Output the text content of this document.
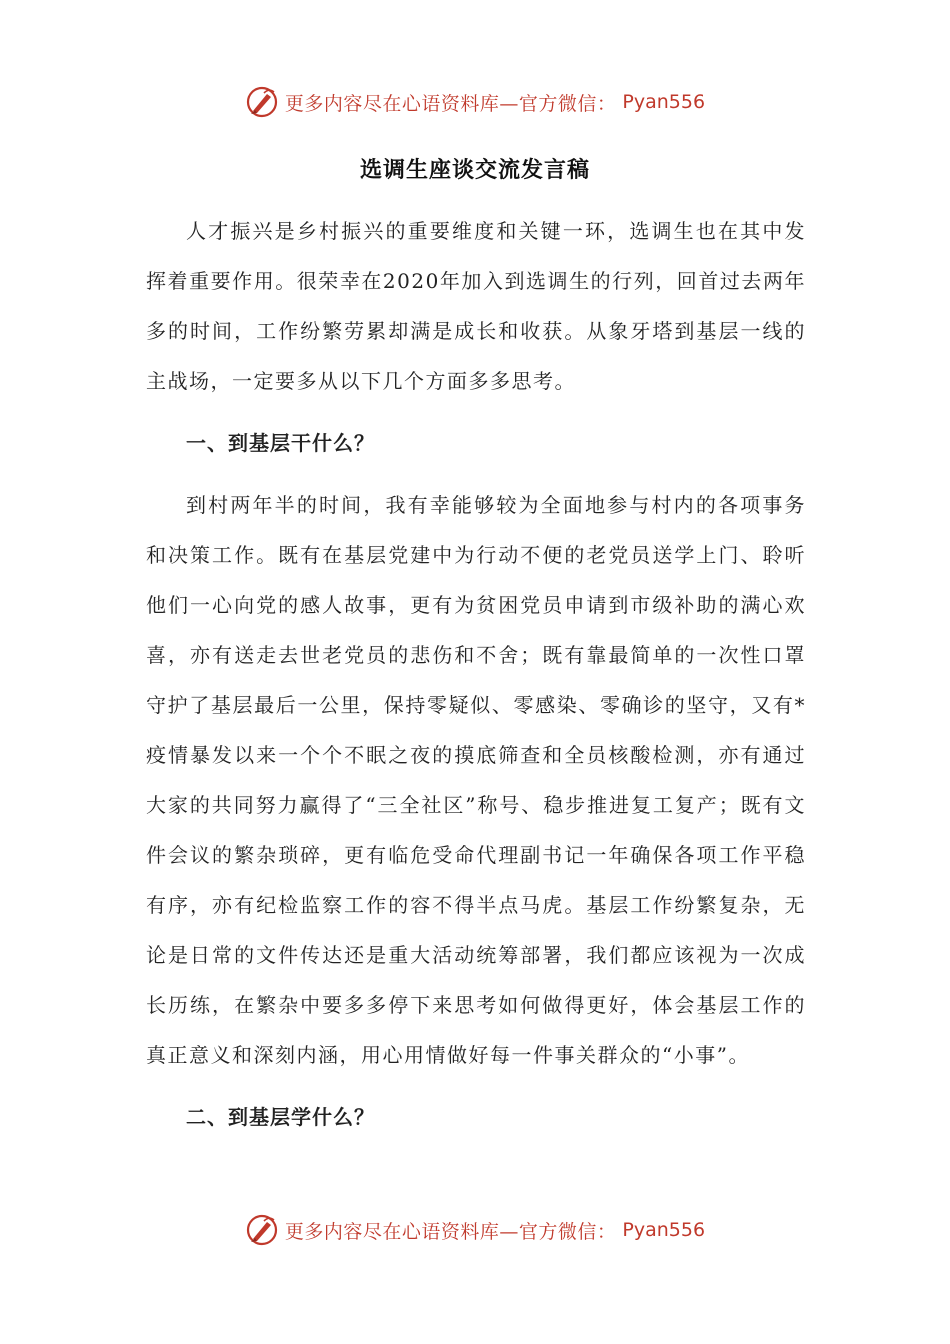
更多内容尽在心语资料库—官方微信： Pyan556
选调生座谈交流发言稿

人才振兴是乡村振兴的重要维度和关键一环，选调生也在其中发挥着重要作用。很荣幸在2020年加入到选调生的行列，回首过去两年多的时间，工作纷繁劳累却满是成长和收获。从象牙塔到基层一线的主战场，一定要多从以下几个方面多多思考。

一、到基层干什么？

到村两年半的时间，我有幸能够较为全面地参与村内的各项事务和决策工作。既有在基层党建中为行动不便的老党员送学上门、聆听他们一心向党的感人故事，更有为贫困党员申请到市级补助的满心欢喜，亦有送走去世老党员的悲伤和不舍；既有靠最简单的一次性口罩守护了基层最后一公里，保持零疑似、零感染、零确诊的坚守，又有*疫情暴发以来一个个不眠之夜的摸底筛查和全员核酸检测，亦有通过大家的共同努力赢得了“三全社区”称号、稳步推进复工复产；既有文件会议的繁杂琐碎，更有临危受命代理副书记一年确保各项工作平稳有序，亦有纪检监察工作的容不得半点马虎。基层工作纷繁复杂，无论是日常的文件传达还是重大活动统筹部署，我们都应该视为一次成长历练，在繁杂中要多多停下来思考如何做得更好，体会基层工作的真正意义和深刻内涵，用心用情做好每一件事关群众的“小事”。

二、到基层学什么？

更多内容尽在心语资料库—官方微信： Pyan556
